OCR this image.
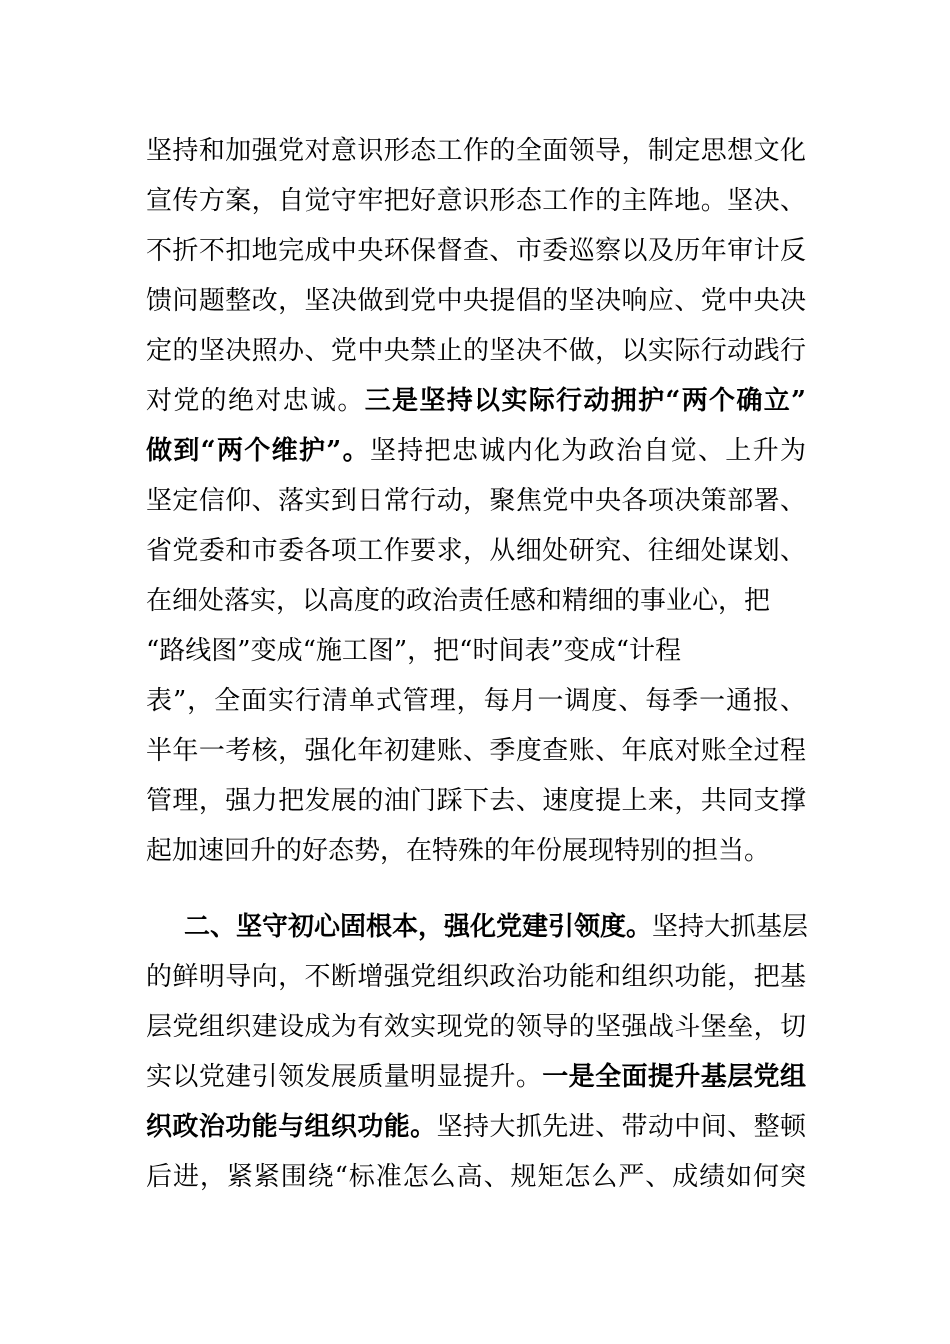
坚持和加强党对意识形态工作的全面领导，制定思想文化
宣传方案，自觉守牢把好意识形态工作的主阵地。坚决、
不折不扣地完成中央环保督查、市委巡察以及历年审计反
馈问题整改，坚决做到党中央提倡的坚决响应、党中央决
定的坚决照办、党中央禁止的坚决不做，以实际行动践行
对党的绝对忠诚。三是坚持以实际行动拥护“两个确立”
做到“两个维护”。坚持把忠诚内化为政治自觉、上升为
坚定信仰、落实到日常行动，聚焦党中央各项决策部署、
省党委和市委各项工作要求，从细处研究、往细处谋划、
在细处落实，以高度的政治责任感和精细的事业心，把
“路线图”变成“施工图”，把“时间表”变成“计程
表”，全面实行清单式管理，每月一调度、每季一通报、
半年一考核，强化年初建账、季度查账、年底对账全过程
管理，强力把发展的油门踩下去、速度提上来，共同支撑
起加速回升的好态势，在特殊的年份展现特别的担当。
二、坚守初心固根本，强化党建引领度。坚持大抓基层
的鲜明导向，不断增强党组织政治功能和组织功能，把基
层党组织建设成为有效实现党的领导的坚强战斗堡垒，切
实以党建引领发展质量明显提升。一是全面提升基层党组
织政治功能与组织功能。坚持大抓先进、带动中间、整顿
后进，紧紧围绕“标准怎么高、规矩怎么严、成绩如何突
